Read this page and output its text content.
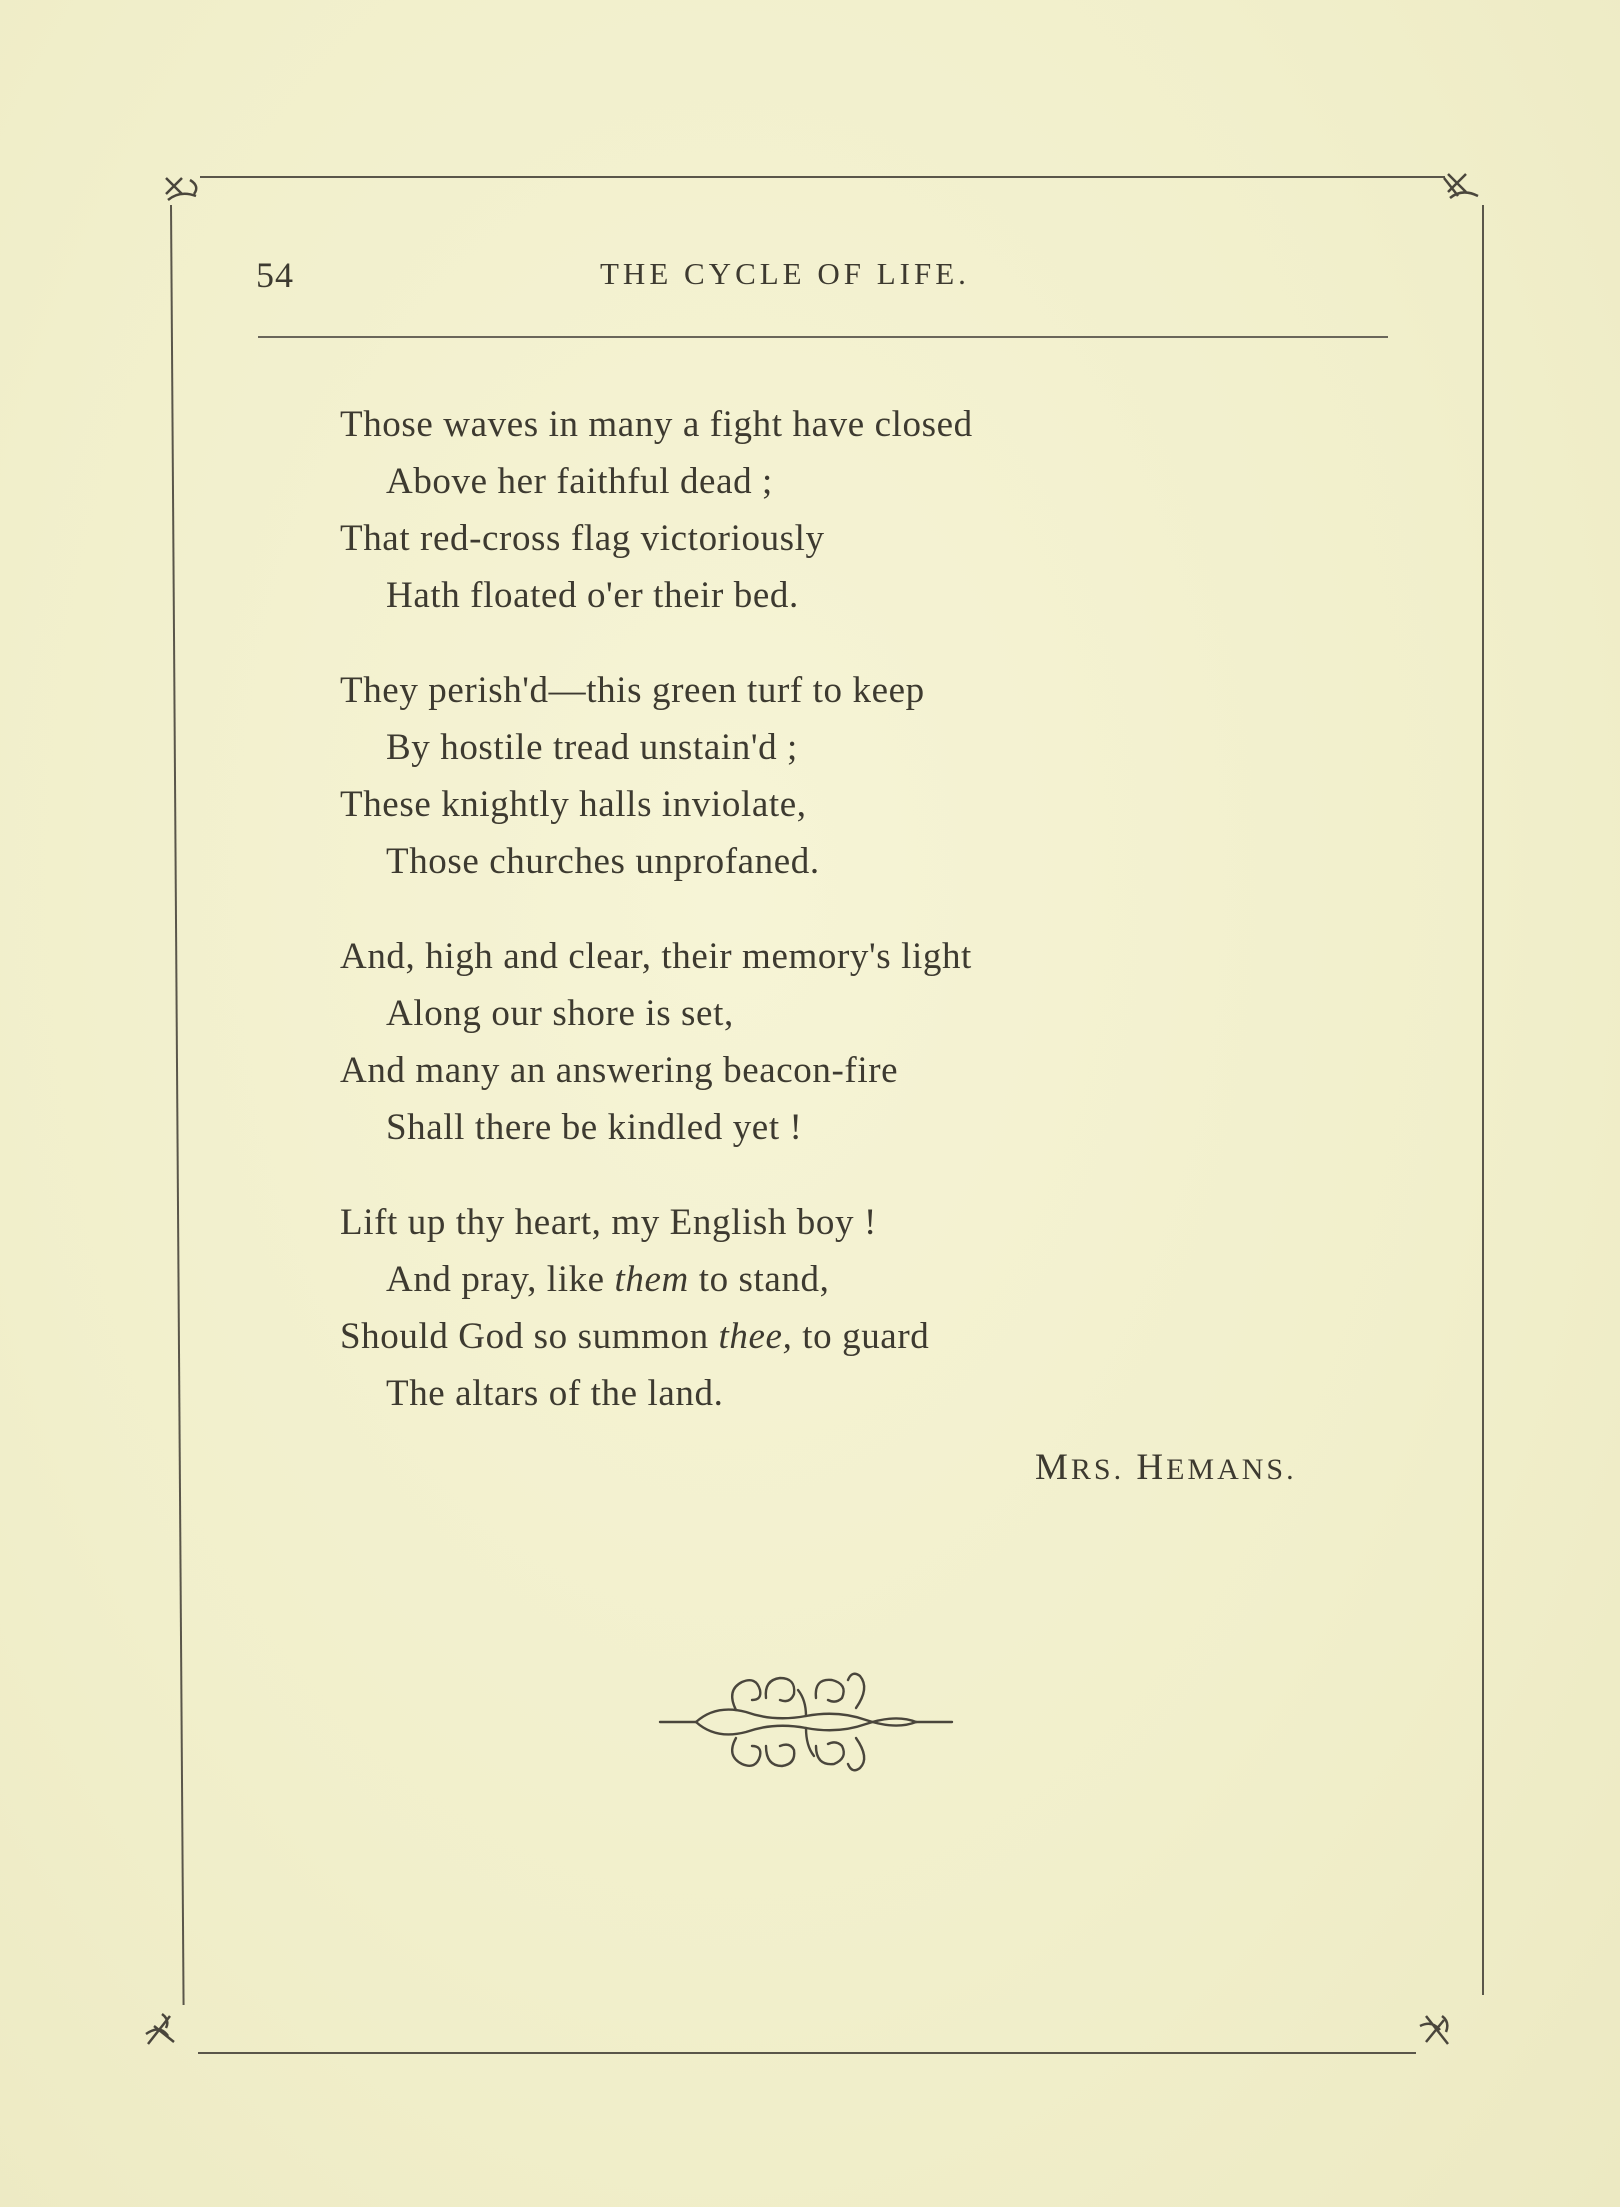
54	THE CYCLE OF LIFE.
Those waves in many a fight have closed
Above her faithful dead ;
That red-cross flag victoriously
Hath floated o'er their bed.
They perish'd—this green turf to keep
By hostile tread unstain'd ;
These knightly halls inviolate,
Those churches unprofaned.
And, high and clear, their memory's light
Along our shore is set,
And many an answering beacon-fire
Shall there be kindled yet !
Lift up thy heart, my English boy !
And pray, like them to stand,
Should God so summon thee, to guard
The altars of the land.
MRS. HEMANS.
